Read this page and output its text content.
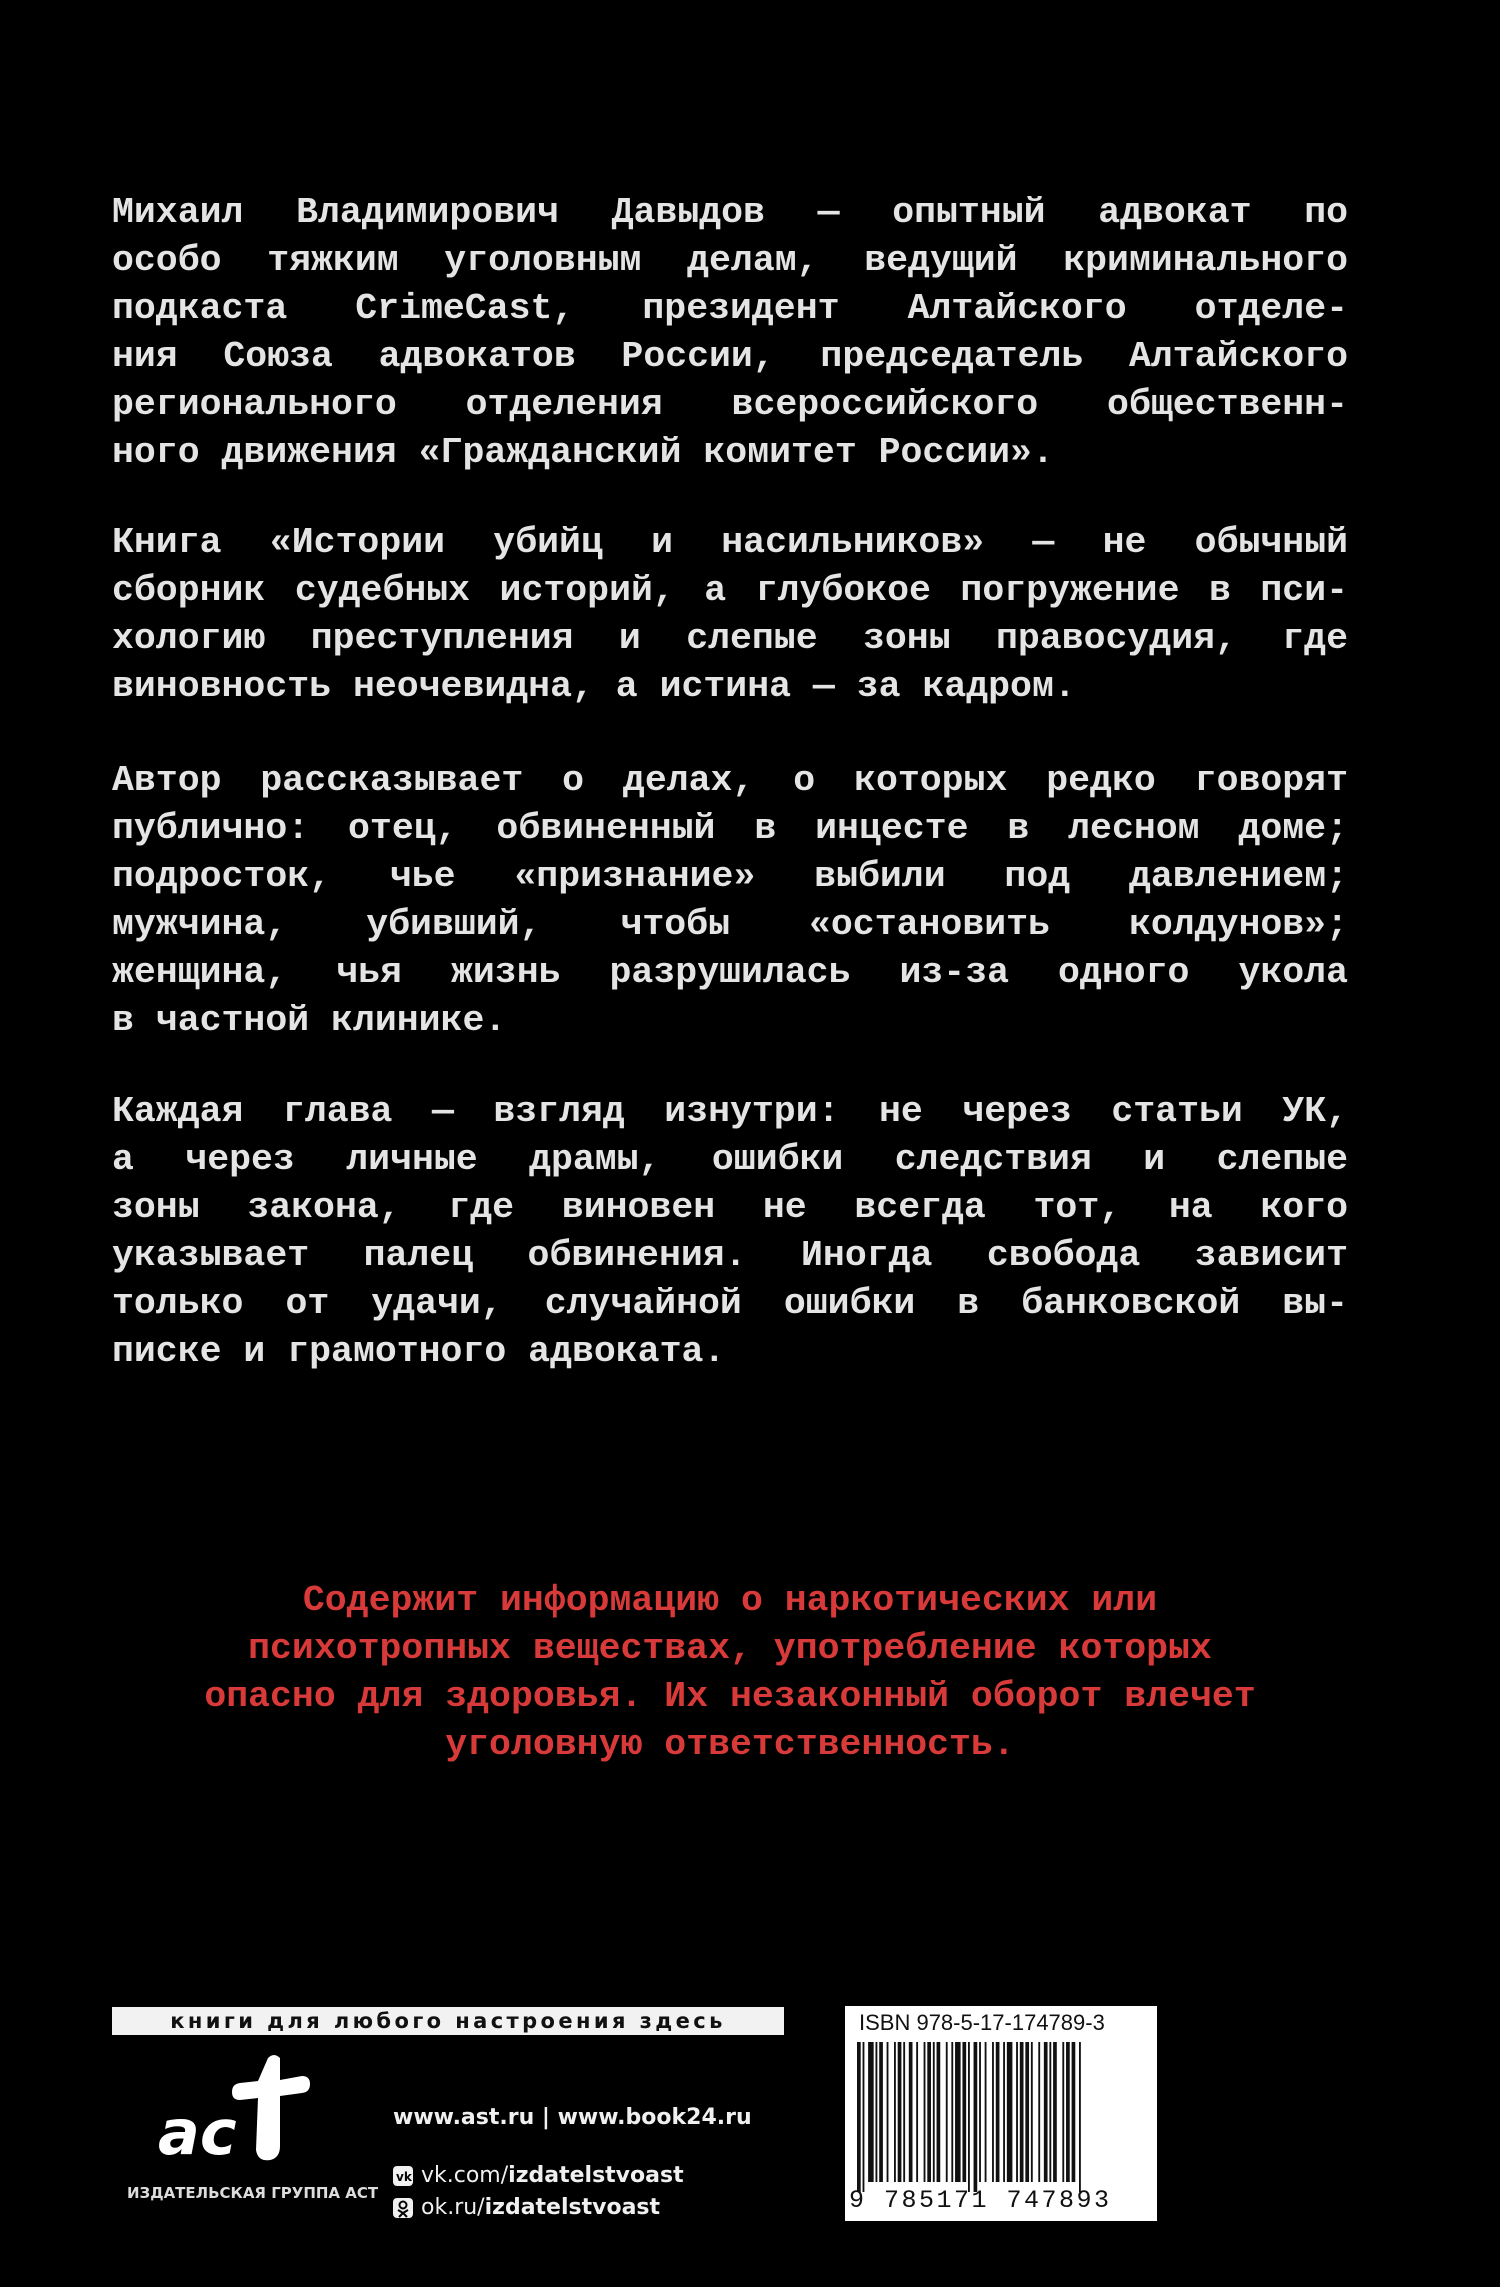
Михаил Владимирович Давыдов — опытный адвокат по
особо тяжким уголовным делам, ведущий криминального
подкаста CrimeCast, президент Алтайского отделе-
ния Союза адвокатов России, председатель Алтайского
регионального отделения всероссийского общественн-
ного движения «Гражданский комитет России».
Книга «Истории убийц и насильников» — не обычный
сборник судебных историй, а глубокое погружение в пси-
хологию преступления и слепые зоны правосудия, где
виновность неочевидна, а истина — за кадром.
Автор рассказывает о делах, о которых редко говорят
публично: отец, обвиненный в инцесте в лесном доме;
подросток, чье «признание» выбили под давлением;
мужчина, убивший, чтобы «остановить колдунов»;
женщина, чья жизнь разрушилась из-за одного укола
в частной клинике.
Каждая глава — взгляд изнутри: не через статьи УК,
а через личные драмы, ошибки следствия и слепые
зоны закона, где виновен не всегда тот, на кого
указывает палец обвинения. Иногда свобода зависит
только от удачи, случайной ошибки в банковской вы-
писке и грамотного адвоката.
Содержит информацию о наркотических или
психотропных веществах, употребление которых
опасно для здоровья. Их незаконный оборот влечет
уголовную ответственность.
книги для любого настроения здесь
ас
ИЗДАТЕЛЬСКАЯ ГРУППА АСТ
www.ast.ru | www.book24.ru
vk vk.com/ izdatelstvoast
ok.ru/ izdatelstvoast
ISBN 978-5-17-174789-3
9 785171 747893
